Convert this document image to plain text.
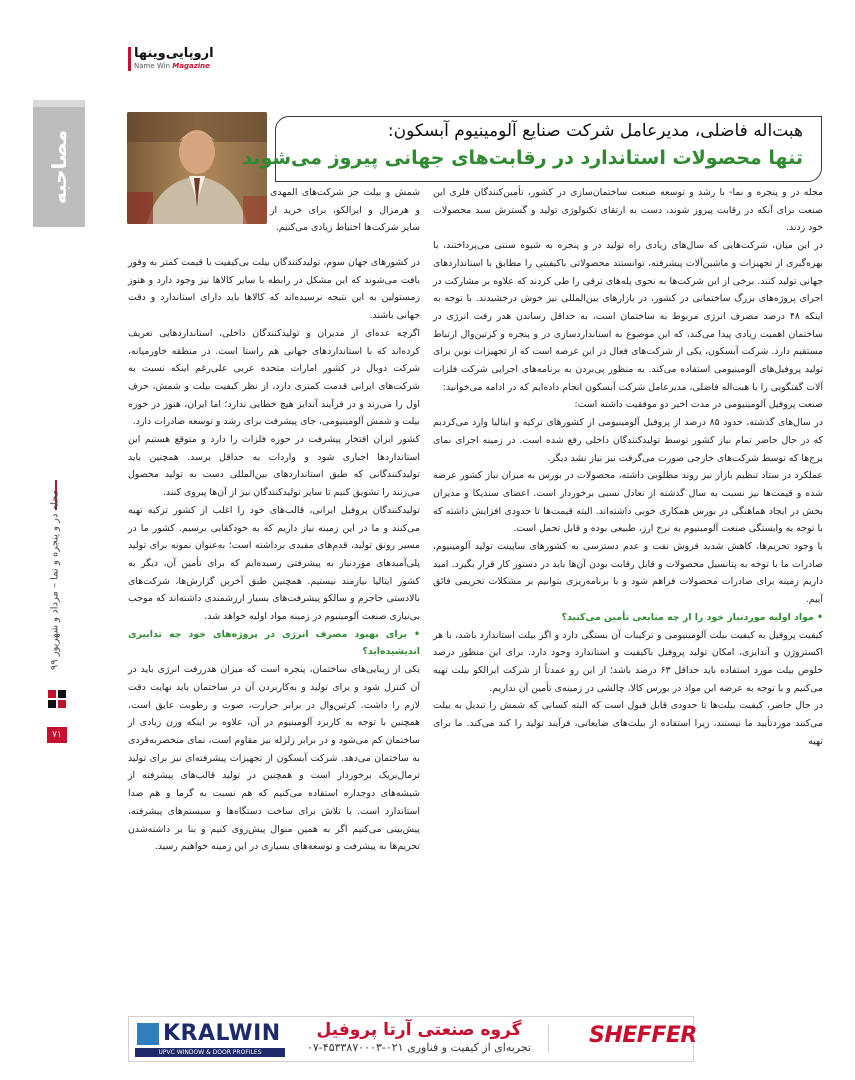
اروپایی‌وینها
Name Win Magazine
مصاحبه
مجله در و پنجره و نما – مرداد و شهریور ۹۹
۷۱
هبت‌اله فاضلی، مدیرعامل شرکت صنایع آلومینیوم آبسکون:
تنها محصولات استاندارد در رقابت‌های جهانی پیروز می‌شوند

مجله در و پنجره و نما- با رشد و توسعه صنعت ساختمان‌سازی در کشور، تأمین‌کنندگان فلزی این صنعت برای آنکه در رقابت پیروز شوند، دست به ارتقای تکنولوژی تولید و گسترش سبد محصولات خود زدند.

در این میان، شرکت‌هایی که سال‌های زیادی راه تولید در و پنجره به شیوه سنتی می‌پرداختند، با بهره‌گیری از تجهیزات و ماشین‌آلات پیشرفته، توانستند محصولاتی باکیفیتی را مطابق با استانداردهای جهانی تولید کنند. برخی از این شرکت‌ها به نحوی پله‌های ترقی را طی کردند که علاوه بر مشارکت در اجرای پروژه‌های بزرگ ساختمانی در کشور، در بازارهای بین‌المللی نیز خوش درخشیدند. با توجه به اینکه ۴۸ درصد مصرف انرژی مربوط به ساختمان است، به حداقل رساندن هدر رفت انرژی در ساختمان اهمیت زیادی پیدا می‌کند، که این موضوع به استانداردسازی در و پنجره و کرتین‌وال ارتباط مستقیم دارد. شرکت آبسکون، یکی از شرکت‌های فعال در این عرصه است که از تجهیزات نوین برای تولید پروفیل‌های آلومینیومی استفاده می‌کند. به منظور پی‌بردن به برنامه‌های اجرایی شرکت فلزات آلات گفتگویی را با هبت‌اله فاضلی، مدیرعامل شرکت آبسکون انجام داده‌ایم که در ادامه می‌خوانید:

صنعت پروفیل آلومینیومی در مدت اخیر دو موفقیت داشته است:

در سال‌های گذشته، حدود ۸۵ درصد از پروفیل آلومینیومی از کشورهای ترکیه و ایتالیا وارد می‌کردیم که در حال حاضر تمام نیاز کشور توسط تولیدکنندگان داخلی رفع شده است. در زمینه اجرای نمای برج‌ها که توسط شرکت‌های خارجی صورت می‌گرفت نیز نیاز نشد دیگر.

عملکرد در ستاد تنظیم بازار نیز روند مطلوبی داشته، محصولات در بورس به میزان نیاز کشور عرضه شده و قیمت‌ها نیز نسبت به سال گذشته از تعادل نسبی برخوردار است. اعضای سندیکا و مدیران بخش در ایجاد هماهنگی در بورس همکاری خوبی داشته‌اند. البته قیمت‌ها تا حدودی افزایش داشته که با توجه به وابستگی صنعت آلومینیوم به نرخ ارز، طبیعی بوده و قابل تحمل است.

با وجود تحریم‌ها، کاهش شدید فروش نفت و عدم دسترسی به کشورهای ساپینت تولید آلومینیوم، صادرات ما با توجه به پتانسیل محصولات و قابل رقابت بودن آن‌ها باید در دستور کار قرار بگیرد. امید داریم زمینه برای صادرات محصولات فراهم شود و با برنامه‌ریزی بتوانیم بر مشکلات تحریمی فائق آییم.

• مواد اولیه موردنیاز خود را از چه منابعی تأمین می‌کنید؟

کیفیت پروفیل به کیفیت بیلت آلومینیومی و ترکیبات آن بستگی دارد و اگر بیلت استاندارد باشد، با هر اکستروژن و آندایزی، امکان تولید پروفیل باکیفیت و استاندارد وجود دارد. برای این منظور درصد خلوص بیلت مورد استفاده باید حداقل ۶۳ درصد باشد؛ از این رو عمدتاً از شرکت ایرالکو بیلت تهیه می‌کنیم و با توجه به عرضه این مواد در بورس کالا، چالشی در زمینه‌ی تأمین آن نداریم.

در حال حاضر، کیفیت بیلت‌ها تا حدودی قابل قبول است که البته کسانی که شمش را تبدیل به بیلت می‌کنند موردتأیید ما نیستند، زیرا استفاده از بیلت‌های ضایعاتی، فرآیند تولید را کند می‌کند. ما برای تهیه

شمش و بیلت جز شرکت‌های المهدی و هرمزال و ایرالکو، برای خرید از سایر شرکت‌ها احتیاط زیادی می‌کنیم.

در کشورهای جهان سوم، تولیدکنندگان بیلت بی‌کیفیت با قیمت کمتر به وفور یافت می‌شوند که این مشکل در رابطه با سایر کالاها نیز وجود دارد و هنوز زمستولین به این نتیجه نرسیده‌اند که کالاها باید دارای استاندارد و دقت جهانی باشند.

اگرچه عده‌ای از مدیران و تولیدکنندگان داخلی، استانداردهایی تعریف کرده‌اند که با استانداردهای جهانی هم راستا است. در منطقه خاورمیانه، شرکت دوبال در کشور امارات متحده عربی علی‌رغم اینکه نسبت به شرکت‌های ایرانی قدمت کمتری دارد، از نظر کیفیت بیلت و شمش، حرف اول را می‌زند و در فرآیند آندایز هیچ خطایی ندارد؛ اما ایران، هنوز در حوزه بیلت و شمش آلومینیومی، جای پیشرفت برای رشد و توسعه صادرات دارد.

کشور ایران افتخار پیشرفت در حوزه فلزات را دارد و متوقع هستیم این استانداردها اجباری شود و واردات به حداقل برسد. همچنین باید تولیدکنندگانی که طبق استانداردهای بین‌المللی دست به تولید محصول می‌زنند را تشویق کنیم تا سایر تولیدکنندگان نیز از آن‌ها پیروی کنند.

تولیدکنندگان پروفیل ایرانی، قالب‌های خود را اغلب از کشور ترکیه تهیه می‌کنند و ما در این زمینه نیاز داریم که به خودکفایی برسیم. کشور ما در مسیر رونق تولید، قدم‌های مفیدی برداشته است؛ به‌عنوان نمونه برای تولید پلی‌آمیدهای موردنیاز به پیشرفتی رسیده‌ایم که برای تأمین آن، دیگر به کشور ایتالیا نیازمند نیستیم. همچنین طبق آخرین گزارش‌ها، شرکت‌های بالادستی جاجرم و سالکو پیشرفت‌های بسیار ارزشمندی داشته‌اند که موجب بی‌نیازی صنعت آلومینیوم در زمینه مواد اولیه خواهد شد.

• برای بهبود مصرف انرژی در پروژه‌های خود چه تدابیری اندیشیده‌اید؟

یکی از زیبایی‌های ساختمان، پنجره است که میزان هدررفت انرژی باید در آن کنترل شود و برای تولید و به‌کاربردن آن در ساختمان باید نهایت دقت لازم را داشت. کرتین‌وال در برابر حرارت، صوت و رطوبت عایق است. همچنین با توجه به کاربرد آلومینیوم در آن، علاوه بر اینکه وزن زیادی از ساختمان کم می‌شود و در برابر زلزله نیز مقاوم است، نمای منحصربه‌فردی به ساختمان می‌دهد. شرکت آبسکون از تجهیزات پیشرفته‌ای نیز برای تولید ترمال‌بریک برخوردار است و همچنین در تولید قالب‌های پیشرفته از شیشه‌های دوجداره استفاده می‌کنیم که هم نسبت به گرما و هم صدا استاندارد است. با تلاش برای ساخت دستگاه‌ها و سیستم‌های پیشرفته، پیش‌بینی می‌کنیم اگر به همین منوال پیش‌روی کنیم و بنا بر داشته‌شدن تحریم‌ها به پیشرفت و توسعه‌های بسیاری در این زمینه خواهیم رسید.

KRALWIN
UPVC WINDOW & DOOR PROFILES
گروه صنعتی آرتا پروفیل
تجربه‌ای از کیفیت و فناوری ۰۲۱-۴۵۳۳۸۷۰۰۰۳-۰۷	SHEFFER
